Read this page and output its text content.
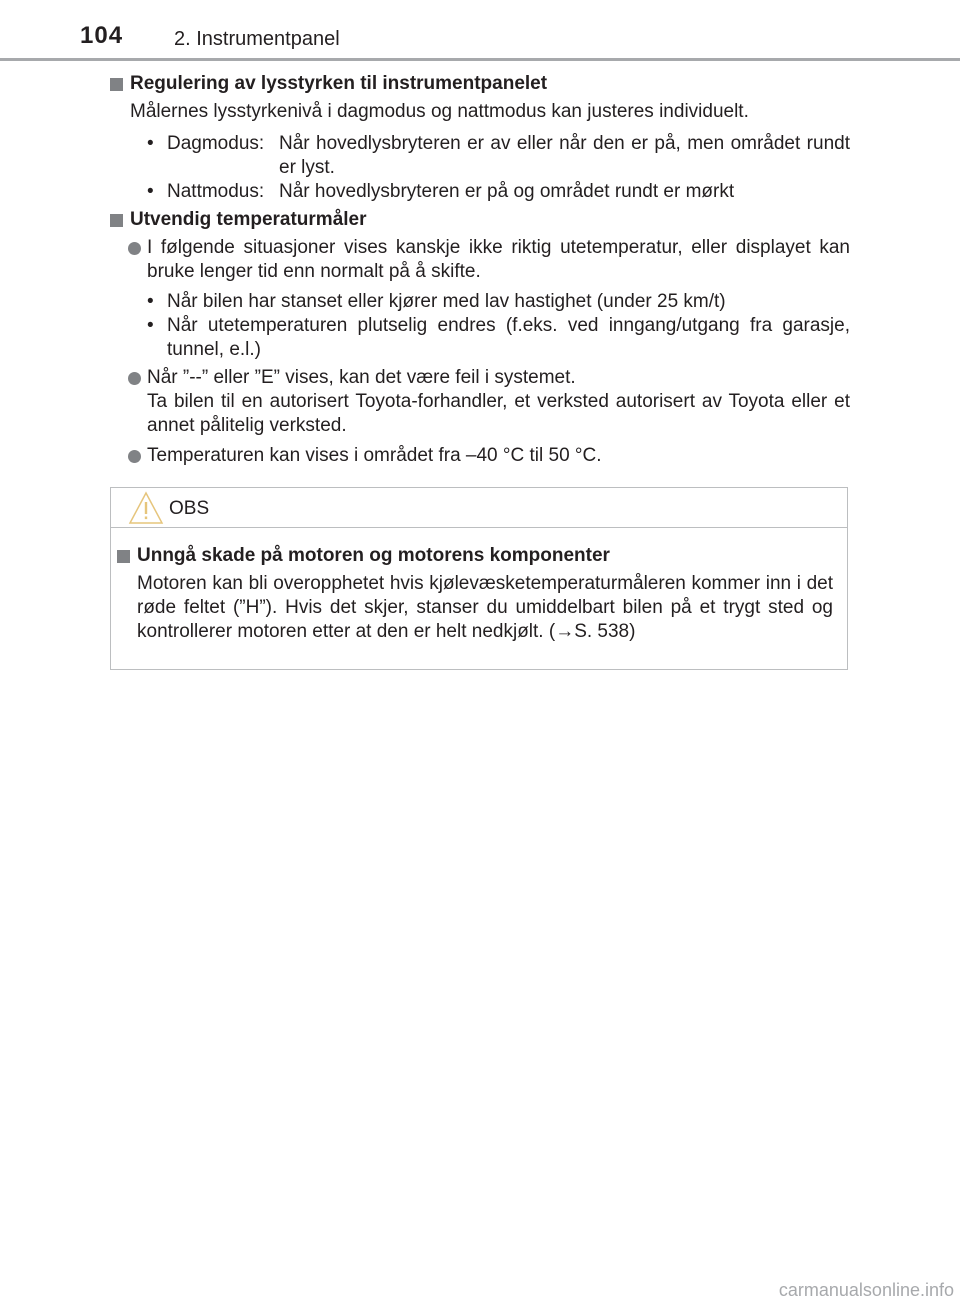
104	2. Instrumentpanel
Regulering av lysstyrken til instrumentpanelet
Målernes lysstyrkenivå i dagmodus og nattmodus kan justeres individuelt.
• Dagmodus: Når hovedlysbryteren er av eller når den er på, men området rundt er lyst.
• Nattmodus: Når hovedlysbryteren er på og området rundt er mørkt
Utvendig temperaturmåler
I følgende situasjoner vises kanskje ikke riktig utetemperatur, eller displayet kan bruke lenger tid enn normalt på å skifte.
• Når bilen har stanset eller kjører med lav hastighet (under 25 km/t)
• Når utetemperaturen plutselig endres (f.eks. ved inngang/utgang fra garasje, tunnel, e.l.)
Når ”--” eller ”E” vises, kan det være feil i systemet.
Ta bilen til en autorisert Toyota-forhandler, et verksted autorisert av Toyota eller et annet pålitelig verksted.
Temperaturen kan vises i området fra –40 °C til 50 °C.
OBS
Unngå skade på motoren og motorens komponenter
Motoren kan bli overopphetet hvis kjølevæsketemperaturmåleren kommer inn i det røde feltet (”H”). Hvis det skjer, stanser du umiddelbart bilen på et trygt sted og kontrollerer motoren etter at den er helt nedkjølt. (→S. 538)
carmanualsonline.info
